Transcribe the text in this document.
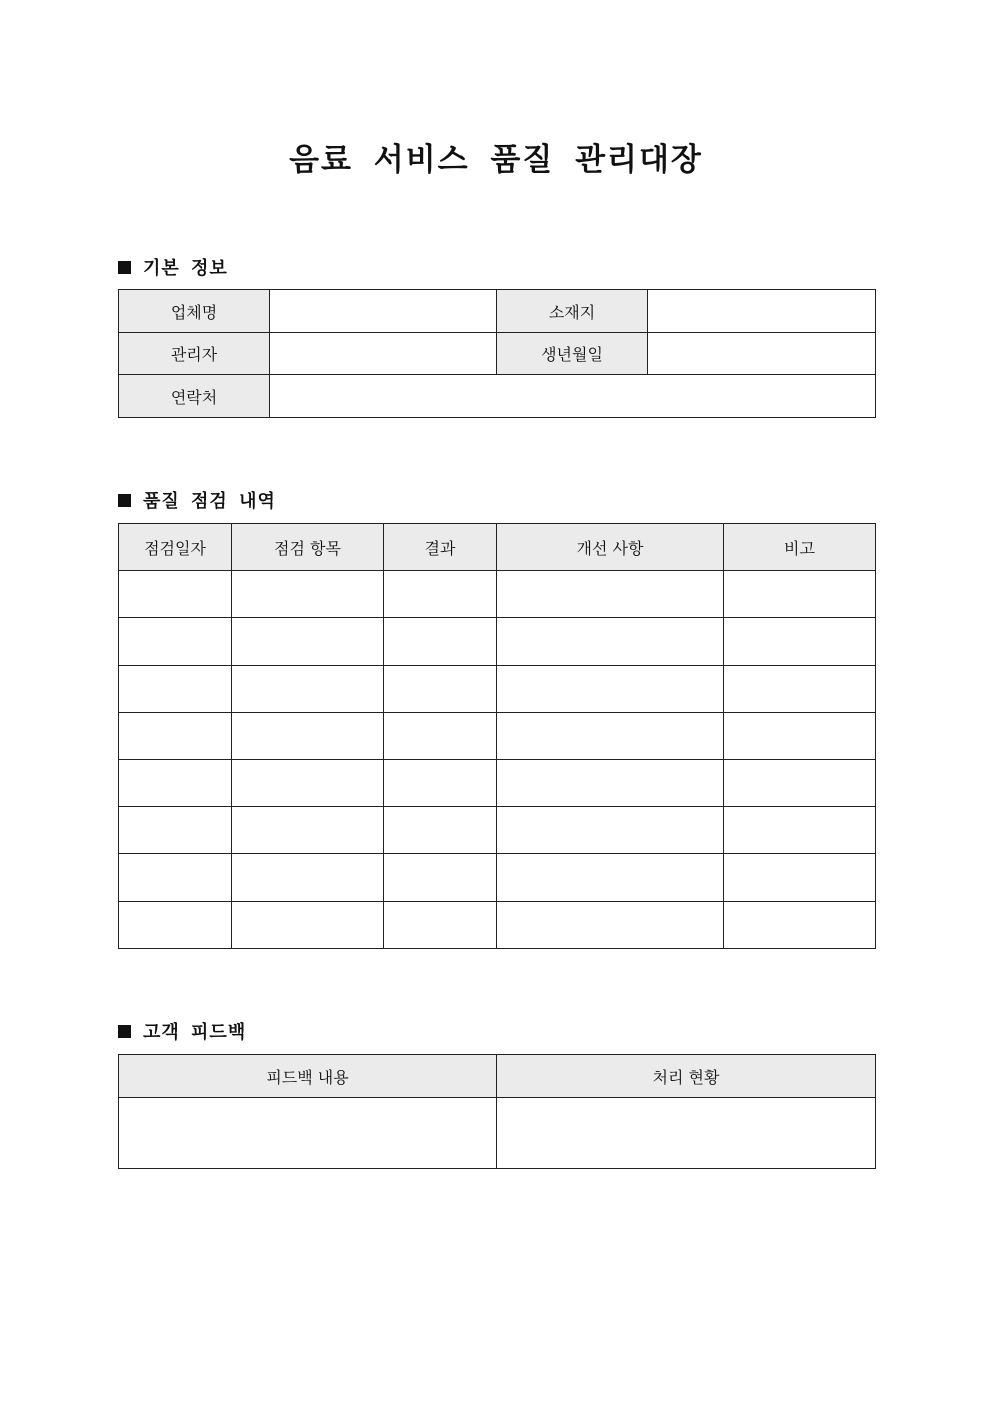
음료 서비스 품질 관리대장
기본 정보
업체명		소재지	
관리자		생년월일	
연락처			
품질 점검 내역
점검일자	점검 항목	결과	개선 사항	비고

고객 피드백
피드백 내용	처리 현황
